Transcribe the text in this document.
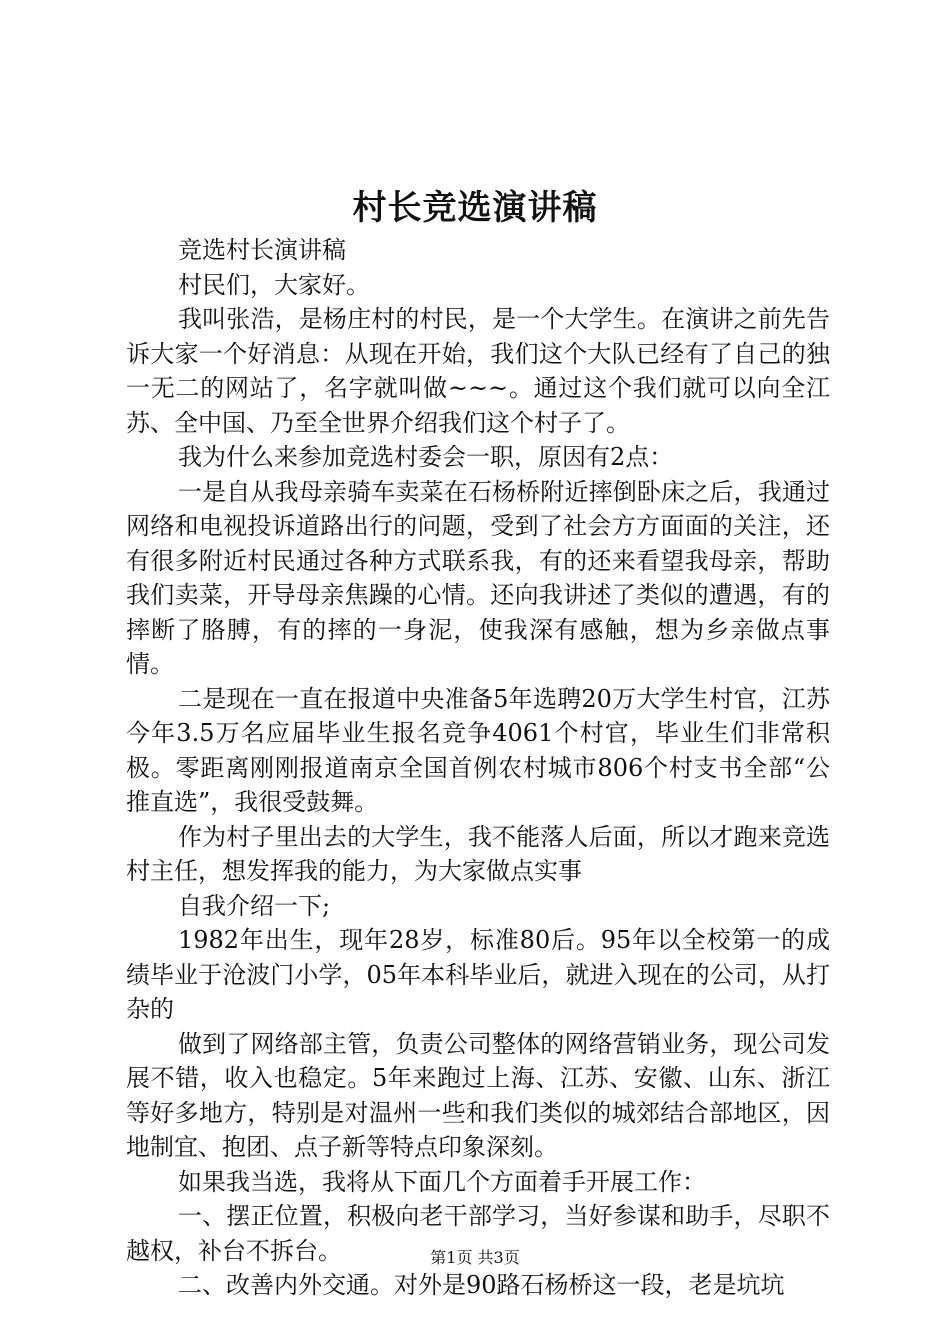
村长竞选演讲稿

竞选村长演讲稿

村民们，大家好。

我叫张浩，是杨庄村的村民，是一个大学生。在演讲之前先告诉大家一个好消息：从现在开始，我们这个大队已经有了自己的独一无二的网站了，名字就叫做~~~。通过这个我们就可以向全江苏、全中国、乃至全世界介绍我们这个村子了。

我为什么来参加竞选村委会一职，原因有2点：

一是自从我母亲骑车卖菜在石杨桥附近摔倒卧床之后，我通过网络和电视投诉道路出行的问题，受到了社会方方面面的关注，还有很多附近村民通过各种方式联系我，有的还来看望我母亲，帮助我们卖菜，开导母亲焦躁的心情。还向我讲述了类似的遭遇，有的摔断了胳膊，有的摔的一身泥，使我深有感触，想为乡亲做点事情。

二是现在一直在报道中央准备5年选聘20万大学生村官，江苏今年3.5万名应届毕业生报名竞争4061个村官，毕业生们非常积极。零距离刚刚报道南京全国首例农村城市806个村支书全部“公推直选”，我很受鼓舞。

作为村子里出去的大学生，我不能落人后面，所以才跑来竞选村主任，想发挥我的能力，为大家做点实事

自我介绍一下;

1982年出生，现年28岁，标准80后。95年以全校第一的成绩毕业于沧波门小学，05年本科毕业后，就进入现在的公司，从打杂的

做到了网络部主管，负责公司整体的网络营销业务，现公司发展不错，收入也稳定。5年来跑过上海、江苏、安徽、山东、浙江等好多地方，特别是对温州一些和我们类似的城郊结合部地区，因地制宜、抱团、点子新等特点印象深刻。

如果我当选，我将从下面几个方面着手开展工作：

一、摆正位置，积极向老干部学习，当好参谋和助手，尽职不越权，补台不拆台。

二、改善内外交通。对外是90路石杨桥这一段，老是坑坑

第1页 共3页
